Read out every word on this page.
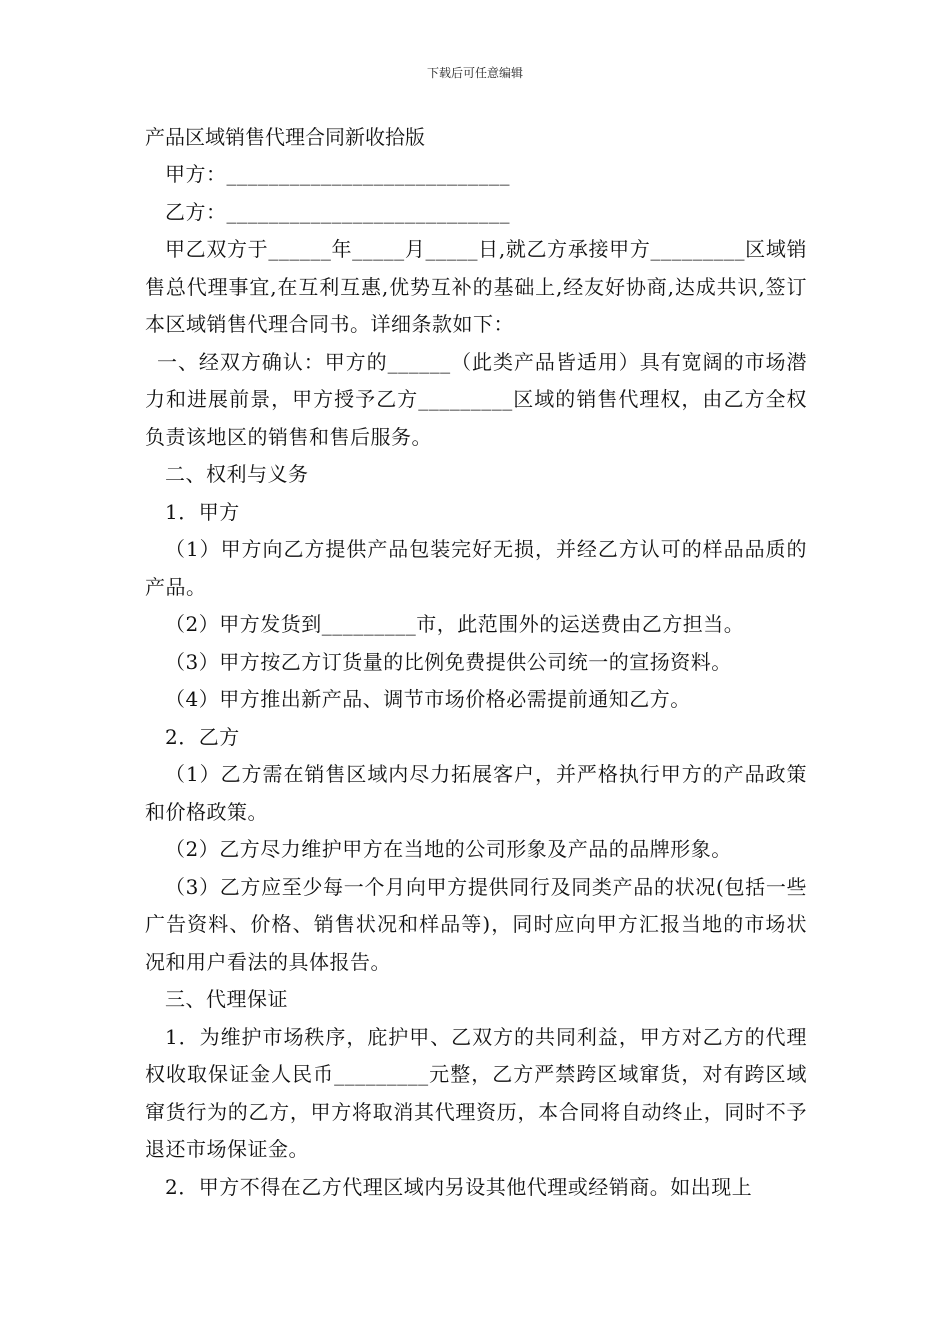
下载后可任意编辑

产品区域销售代理合同新收拾版

甲方：___________________________

乙方：___________________________

甲乙双方于______年_____月_____日,就乙方承接甲方_________区域销售总代理事宜,在互利互惠,优势互补的基础上,经友好协商,达成共识,签订本区域销售代理合同书。详细条款如下：

一、经双方确认：甲方的______（此类产品皆适用）具有宽阔的市场潜力和进展前景，甲方授予乙方_________区域的销售代理权，由乙方全权负责该地区的销售和售后服务。

二、权利与义务

1．甲方

（1）甲方向乙方提供产品包装完好无损，并经乙方认可的样品品质的产品。

（2）甲方发货到_________市，此范围外的运送费由乙方担当。

（3）甲方按乙方订货量的比例免费提供公司统一的宣扬资料。

（4）甲方推出新产品、调节市场价格必需提前通知乙方。

2．乙方

（1）乙方需在销售区域内尽力拓展客户，并严格执行甲方的产品政策和价格政策。

（2）乙方尽力维护甲方在当地的公司形象及产品的品牌形象。

（3）乙方应至少每一个月向甲方提供同行及同类产品的状况(包括一些广告资料、价格、销售状况和样品等)，同时应向甲方汇报当地的市场状况和用户看法的具体报告。

三、代理保证

1．为维护市场秩序，庇护甲、乙双方的共同利益，甲方对乙方的代理权收取保证金人民币_________元整，乙方严禁跨区域窜货，对有跨区域窜货行为的乙方，甲方将取消其代理资历，本合同将自动终止，同时不予退还市场保证金。

2．甲方不得在乙方代理区域内另设其他代理或经销商。如出现上
